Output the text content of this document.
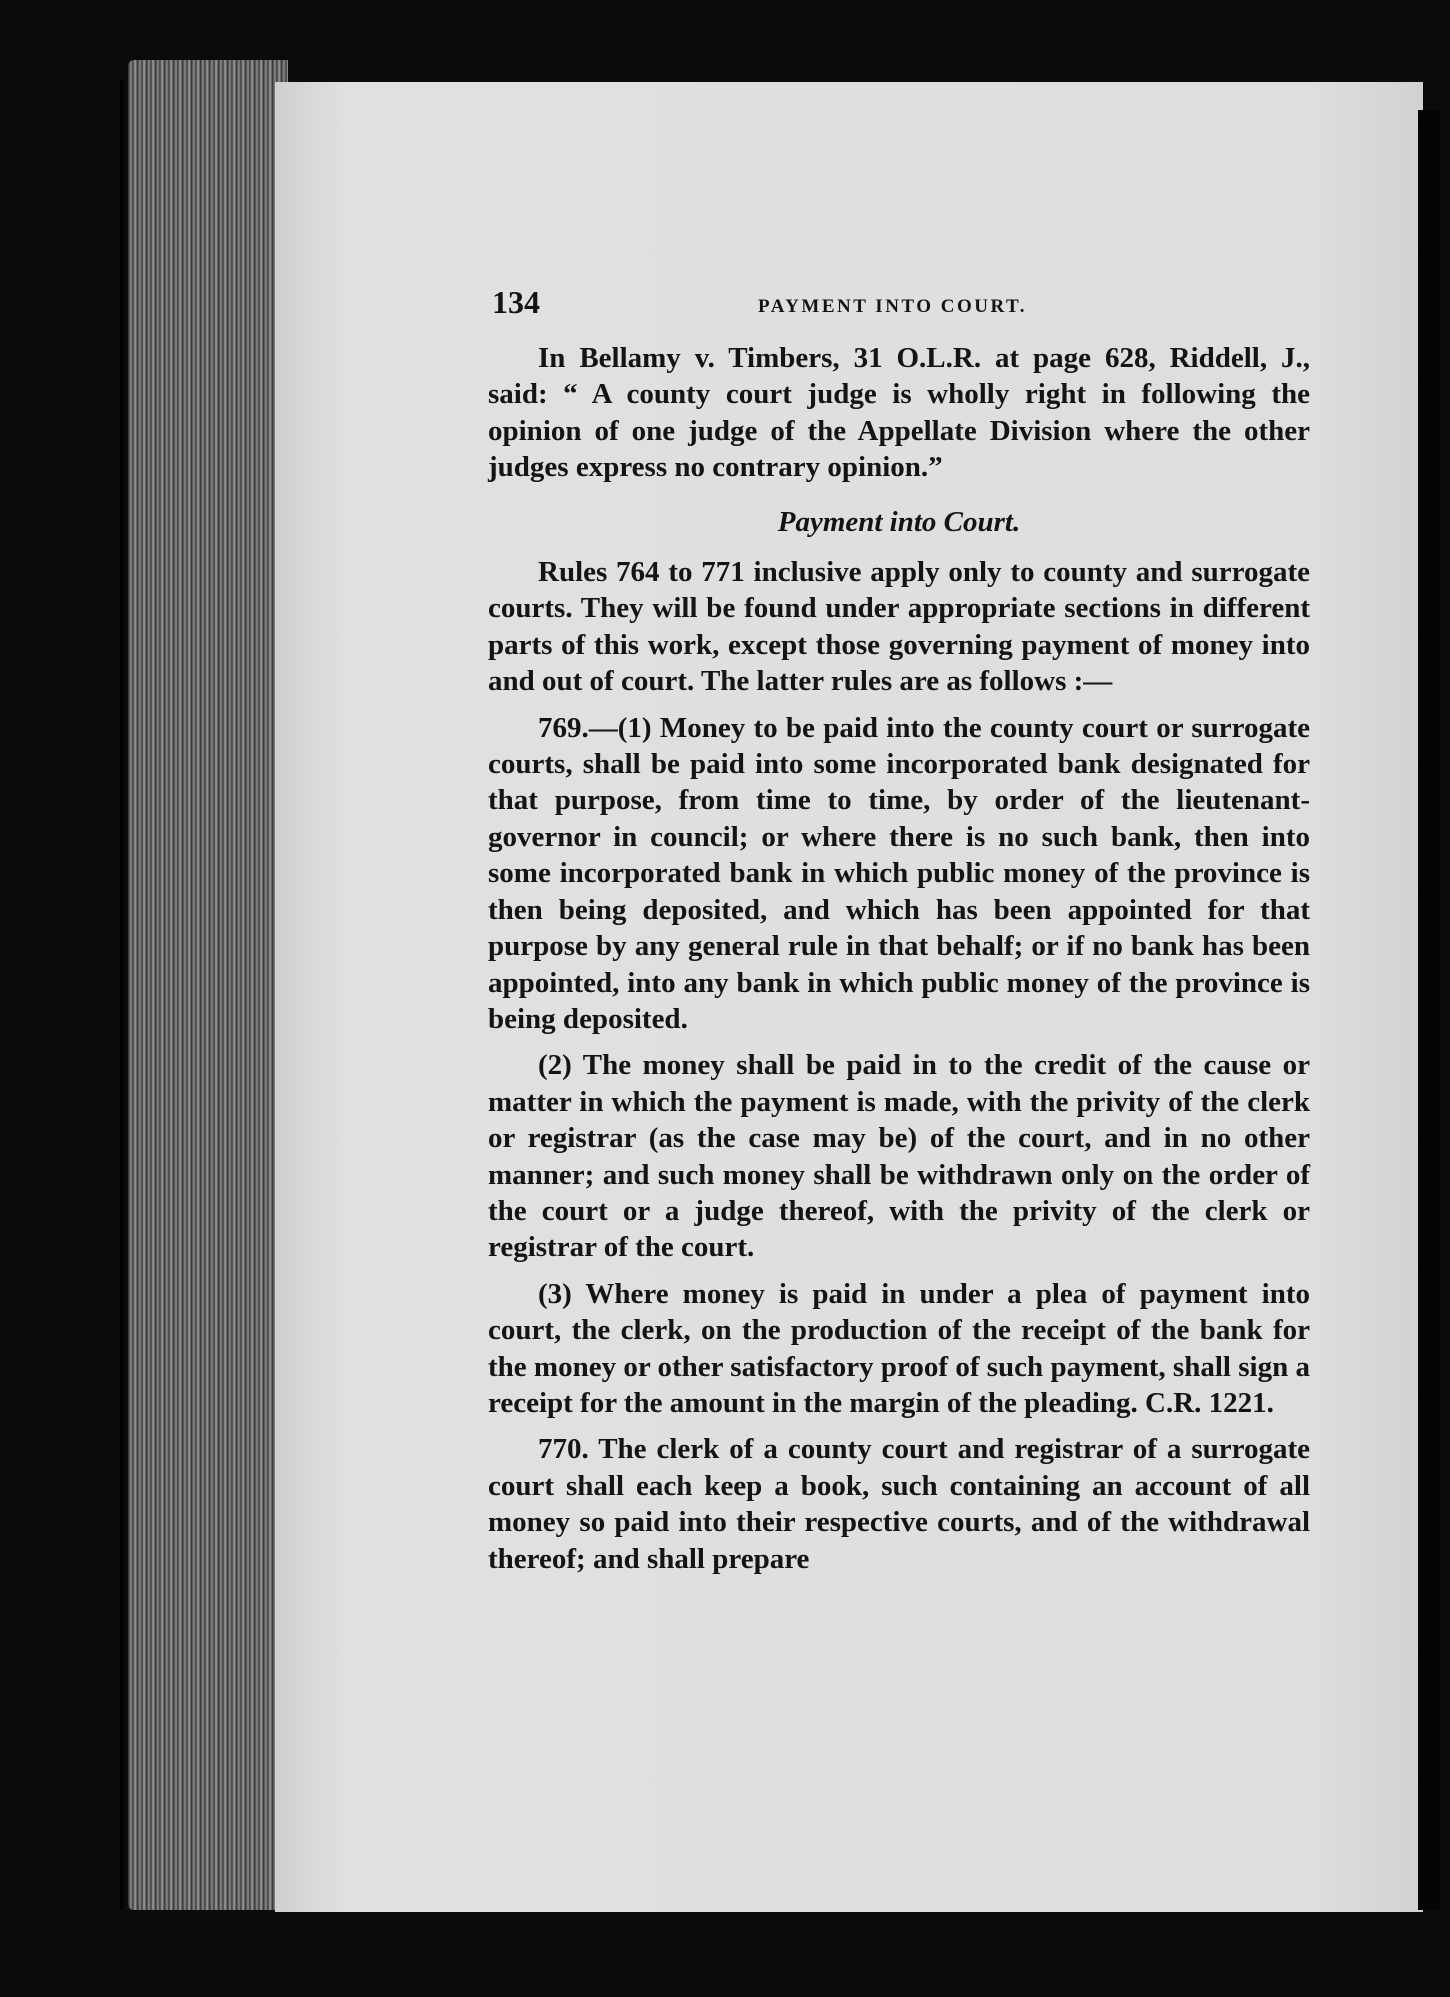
134	PAYMENT INTO COURT.

In Bellamy v. Timbers, 31 O.L.R. at page 628, Riddell, J., said: “ A county court judge is wholly right in following the opinion of one judge of the Appellate Division where the other judges express no contrary opinion.”

Payment into Court.

Rules 764 to 771 inclusive apply only to county and surrogate courts. They will be found under appropriate sections in different parts of this work, except those governing payment of money into and out of court. The latter rules are as follows :—

769.—(1) Money to be paid into the county court or surrogate courts, shall be paid into some incorporated bank designated for that purpose, from time to time, by order of the lieutenant-governor in council; or where there is no such bank, then into some incorporated bank in which public money of the province is then being deposited, and which has been appointed for that purpose by any general rule in that behalf; or if no bank has been appointed, into any bank in which public money of the province is being deposited.

(2) The money shall be paid in to the credit of the cause or matter in which the payment is made, with the privity of the clerk or registrar (as the case may be) of the court, and in no other manner; and such money shall be withdrawn only on the order of the court or a judge thereof, with the privity of the clerk or registrar of the court.

(3) Where money is paid in under a plea of payment into court, the clerk, on the production of the receipt of the bank for the money or other satisfactory proof of such payment, shall sign a receipt for the amount in the margin of the pleading. C.R. 1221.

770. The clerk of a county court and registrar of a surrogate court shall each keep a book, such containing an account of all money so paid into their respective courts, and of the withdrawal thereof; and shall prepare
